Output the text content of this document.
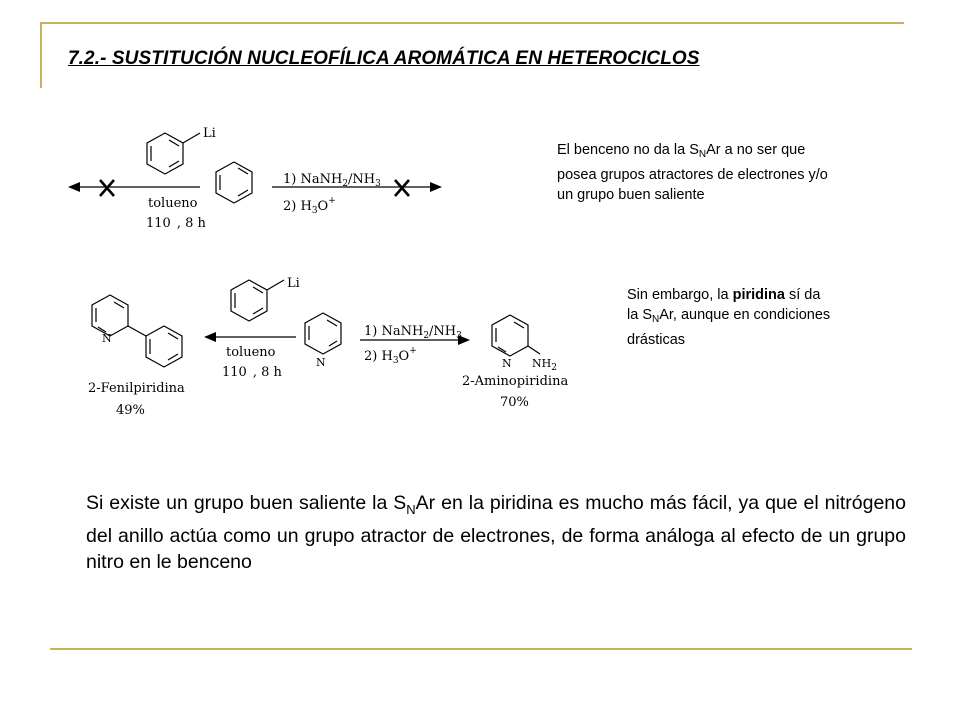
7.2.- SUSTITUCIÓN NUCLEOFÍLICA AROMÁTICA EN HETEROCICLOS
Li
tolueno
110 , 8 h
1) $NaNH_2/NH_3$
2) $H_3O^+$
N
2-Fenilpiridina
49%
Li
tolueno
110 , 8 h
N
1) $NaNH_2/NH_3$
2) $H_3O^+$
N $NH_2$
2-Aminopiridina
70%
El benceno no da la $S_NAr$ a no ser que
posea grupos atractores de electrones y/o
un grupo buen saliente
Sin embargo, la piridina sí da
la $S_NAr$, aunque en condiciones
drásticas
Si existe un grupo buen saliente la $S_NAr$ en la piridina es mucho más fácil, ya que el nitrógeno del anillo actúa como un grupo atractor de electrones, de forma análoga al efecto de un grupo nitro en le benceno
